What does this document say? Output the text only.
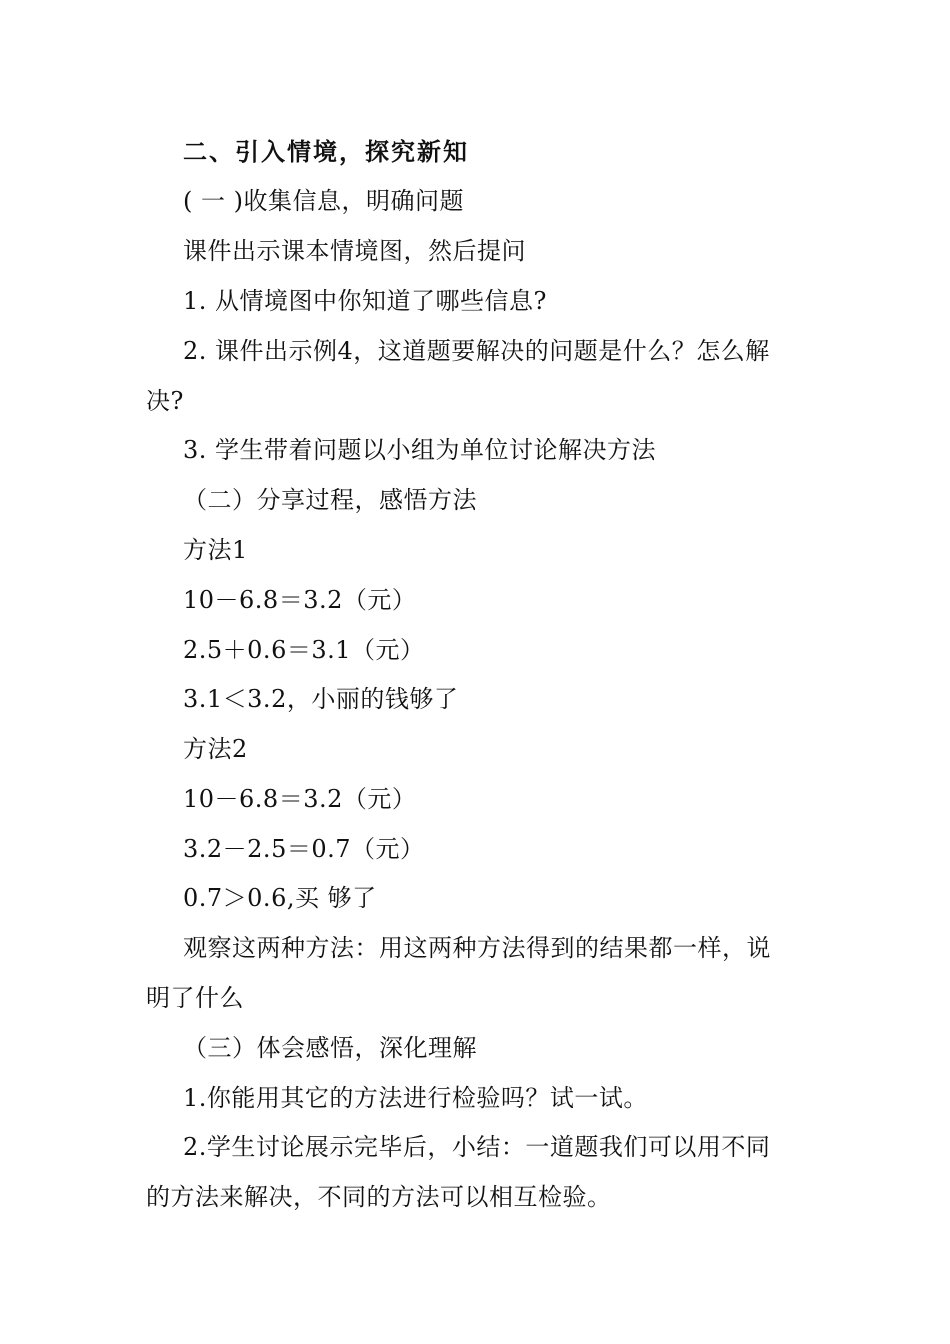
二、引入情境，探究新知
( 一 )收集信息，明确问题
课件出示课本情境图，然后提问
1. 从情境图中你知道了哪些信息?
2. 课件出示例4，这道题要解决的问题是什么？怎么解
决?
3. 学生带着问题以小组为单位讨论解决方法
（二）分享过程，感悟方法
方法1
10－6.8＝3.2（元）
2.5＋0.6＝3.1（元）
3.1＜3.2，小丽的钱够了
方法2
10－6.8＝3.2（元）
3.2－2.5＝0.7（元）
0.7＞0.6,买 够了
观察这两种方法：用这两种方法得到的结果都一样，说
明了什么
（三）体会感悟，深化理解
1.你能用其它的方法进行检验吗？试一试。
2.学生讨论展示完毕后，小结：一道题我们可以用不同
的方法来解决，不同的方法可以相互检验。
